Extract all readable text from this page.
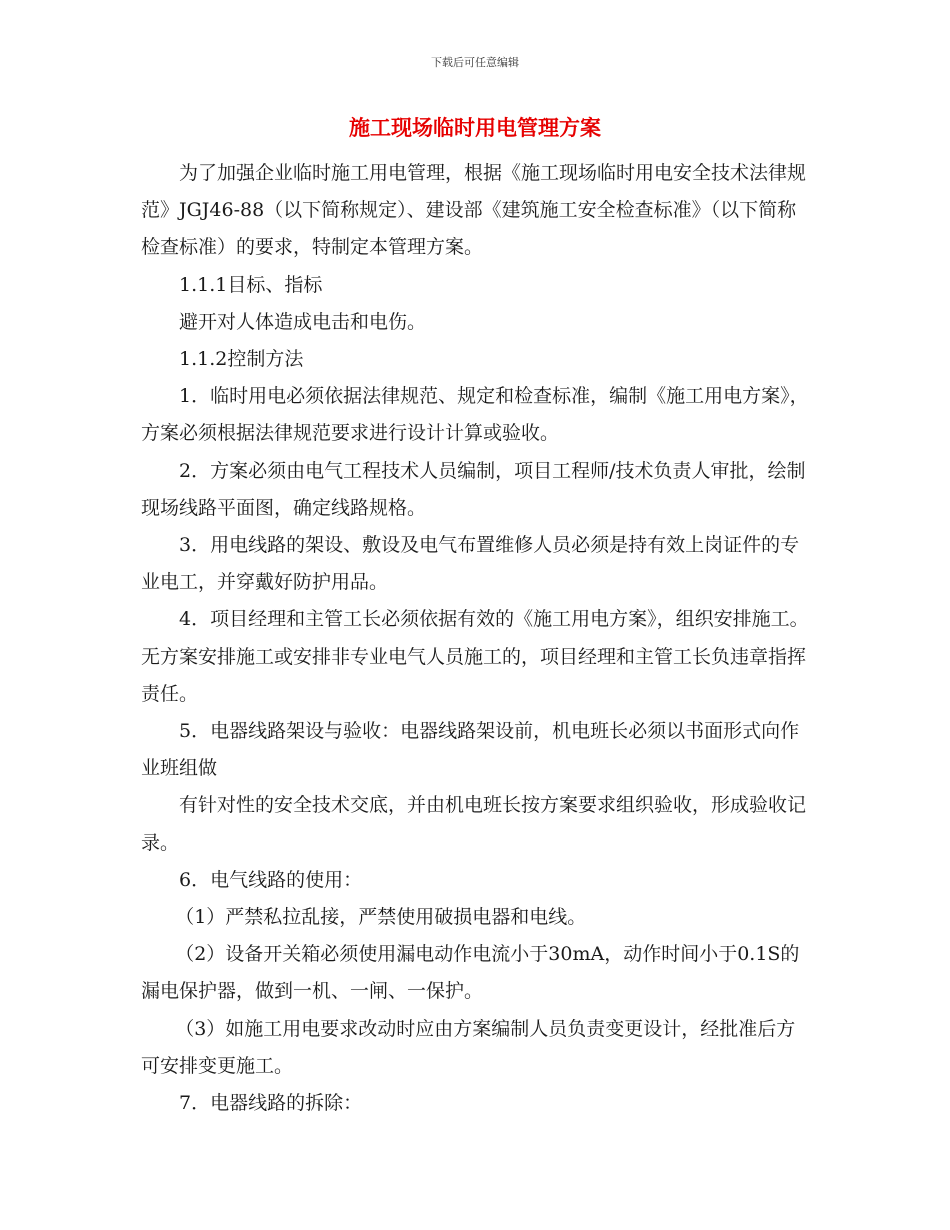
下载后可任意编辑
施工现场临时用电管理方案

为了加强企业临时施工用电管理，根据《施工现场临时用电安全技术法律规范》JGJ46-88（以下简称规定）、建设部《建筑施工安全检查标准》（以下简称检查标准）的要求，特制定本管理方案。

1.1.1目标、指标

避开对人体造成电击和电伤。

1.1.2控制方法

1．临时用电必须依据法律规范、规定和检查标准，编制《施工用电方案》，方案必须根据法律规范要求进行设计计算或验收。

2．方案必须由电气工程技术人员编制，项目工程师/技术负责人审批，绘制现场线路平面图，确定线路规格。

3．用电线路的架设、敷设及电气布置维修人员必须是持有效上岗证件的专业电工，并穿戴好防护用品。

4．项目经理和主管工长必须依据有效的《施工用电方案》，组织安排施工。无方案安排施工或安排非专业电气人员施工的，项目经理和主管工长负违章指挥责任。

5．电器线路架设与验收：电器线路架设前，机电班长必须以书面形式向作业班组做

有针对性的安全技术交底，并由机电班长按方案要求组织验收，形成验收记录。

6．电气线路的使用：

（1）严禁私拉乱接，严禁使用破损电器和电线。

（2）设备开关箱必须使用漏电动作电流小于30mA，动作时间小于0.1S的漏电保护器，做到一机、一闸、一保护。

（3）如施工用电要求改动时应由方案编制人员负责变更设计，经批准后方可安排变更施工。

7．电器线路的拆除：
